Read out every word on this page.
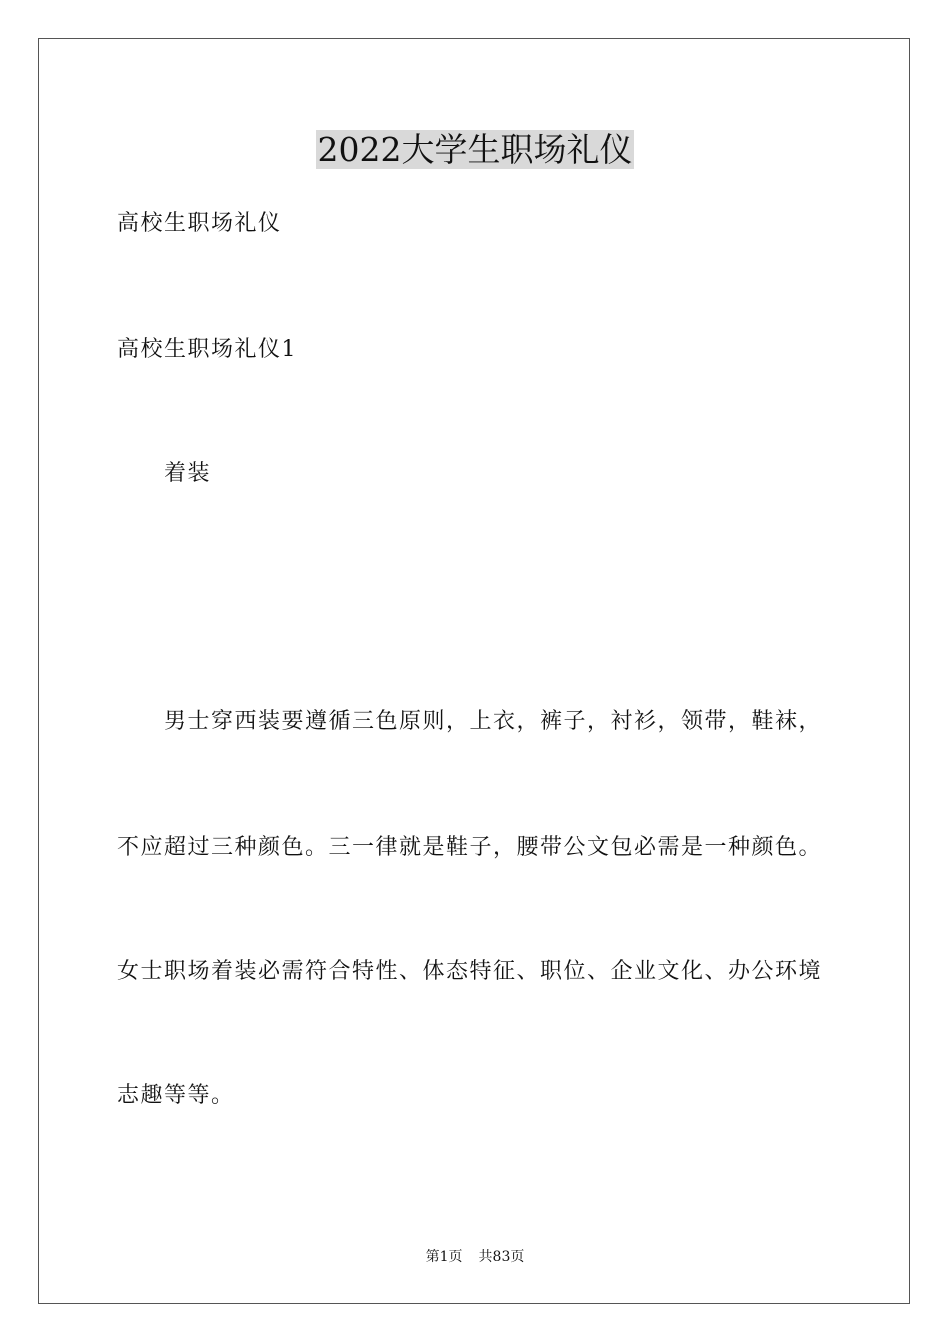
2022大学生职场礼仪

高校生职场礼仪

高校生职场礼仪1

着装

男士穿西装要遵循三色原则，上衣，裤子，衬衫，领带，鞋袜，

不应超过三种颜色。三一律就是鞋子，腰带公文包必需是一种颜色。

女士职场着装必需符合特性、体态特征、职位、企业文化、办公环境

志趣等等。

第1页 共83页
